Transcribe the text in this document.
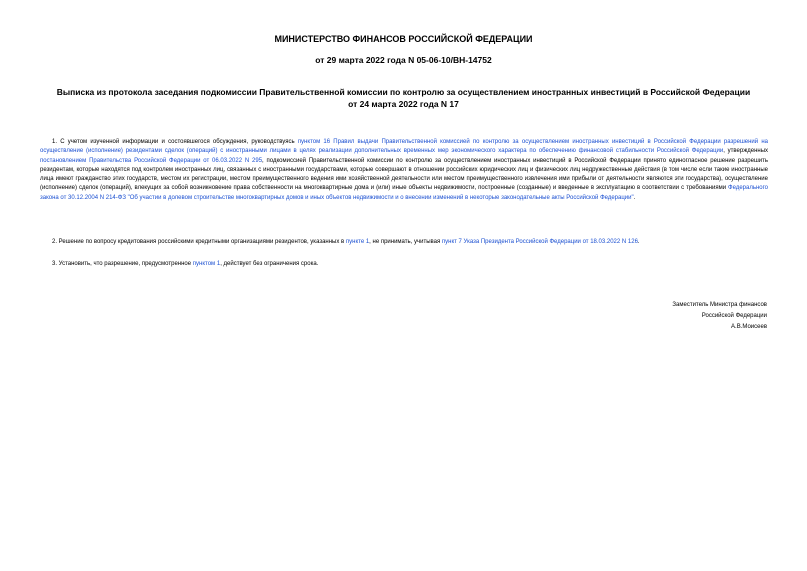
МИНИСТЕРСТВО ФИНАНСОВ РОССИЙСКОЙ ФЕДЕРАЦИИ
от 29 марта 2022 года N 05-06-10/ВН-14752
Выписка из протокола заседания подкомиссии Правительственной комиссии по контролю за осуществлением иностранных инвестиций в Российской Федерации
от 24 марта 2022 года N 17
1. С учетом изученной информации и состоявшегося обсуждения, руководствуясь пунктом 16 Правил выдачи Правительственной комиссией по контролю за осуществлением иностранных инвестиций в Российской Федерации разрешений на осуществление (исполнение) резидентами сделок (операций) с иностранными лицами в целях реализации дополнительных временных мер экономического характера по обеспечению финансовой стабильности Российской Федерации, утвержденных постановлением Правительства Российской Федерации от 06.03.2022 N 295, подкомиссией Правительственной комиссии по контролю за осуществлением иностранных инвестиций в Российской Федерации принято единогласное решение разрешить резидентам, которые находятся под контролем иностранных лиц, связанных с иностранными государствами, которые совершают в отношении российских юридических лиц и физических лиц недружественные действия (в том числе если такие иностранные лица имеют гражданство этих государств, местом их регистрации, местом преимущественного ведения ими хозяйственной деятельности или местом преимущественного извлечения ими прибыли от деятельности являются эти государства), осуществление (исполнение) сделок (операций), влекущих за собой возникновение права собственности на многоквартирные дома и (или) иные объекты недвижимости, построенные (созданные) и введенные в эксплуатацию в соответствии с требованиями Федерального закона от 30.12.2004 N 214-ФЗ "Об участии в долевом строительстве многоквартирных домов и иных объектов недвижимости и о внесении изменений в некоторые законодательные акты Российской Федерации".
2. Решение по вопросу кредитования российскими кредитными организациями резидентов, указанных в пункте 1, не принимать, учитывая пункт 7 Указа Президента Российской Федерации от 18.03.2022 N 126.
3. Установить, что разрешение, предусмотренное пунктом 1, действует без ограничения срока.
Заместитель Министра финансов
Российской Федерации
А.В.Моисеев
